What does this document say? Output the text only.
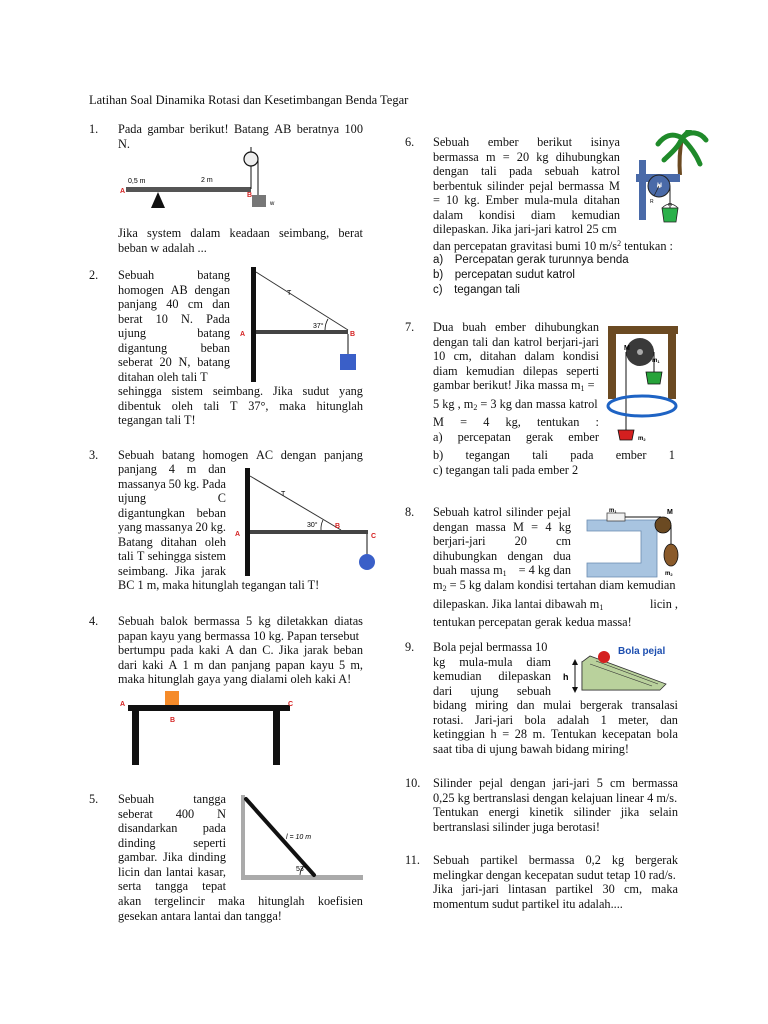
Latihan Soal Dinamika Rotasi dan Kesetimbangan Benda Tegar
1. Pada gambar berikut! Batang AB beratnya 100
N.
0,5 m	2 m
A
B
w
Jika system dalam keadaan seimbang, berat
beban w adalah ...
2. Sebuah	batang
homogen AB dengan
panjang 40 cm dan
berat 10 N. Pada
ujung	batang
digantung	beban
seberat 20 N, batang
ditahan oleh tali T
T
37°
A	B
sehingga sistem seimbang. Jika sudut yang
dibentuk oleh tali T 37°, maka hitunglah
tegangan tali T!
3. Sebuah batang homogen AC dengan panjang
panjang 4 m dan
massanya 50 kg. Pada
ujung	C
digantungkan beban
yang massanya 20 kg.
Batang ditahan oleh
tali T sehingga sistem
seimbang. Jika jarak
BC 1 m, maka hitunglah tegangan tali T!
T
30°
A
B
C
4. Sebuah balok bermassa 5 kg diletakkan diatas
papan kayu yang bermassa 10 kg. Papan tersebut
bertumpu pada kaki A dan C. Jika jarak beban
dari kaki A 1 m dan panjang papan kayu 5 m,
maka hitunglah gaya yang dialami oleh kaki A!
A
B
C
5. Sebuah	tangga
seberat 400 N
disandarkan pada
dinding	seperti
gambar. Jika dinding
licin dan lantai kasar,
serta tangga tepat
akan tergelincir maka hitunglah koefisien
gesekan antara lantai dan tangga!
l = 10 m
53°
6. Sebuah ember berikut isinya
bermassa m = 20 kg dihubungkan
dengan tali pada sebuah katrol
berbentuk silinder pejal bermassa M
= 10 kg. Ember mula-mula ditahan
dalam kondisi diam kemudian
dilepaskan. Jika jari-jari katrol 25 cm
dan percepatan gravitasi bumi 10 $m/s^2$ tentukan :
a) Percepatan gerak turunnya benda
b) percepatan sudut katrol
c) tegangan tali
M
R	m
7. Dua buah ember dihubungkan
dengan tali dan katrol berjari-jari
10 cm, ditahan dalam kondisi
diam kemudian dilepas seperti
gambar berikut! Jika massa $m_1$ =
5 kg , $m_2 = 3$ kg dan massa katrol
M = 4 kg, tentukan :
a) percepatan gerak ember
b) tegangan tali pada ember 1
c) tegangan tali pada ember 2
M
m1
m2
8. Sebuah katrol silinder pejal
dengan massa M = 4 kg
berjari-jari 20 cm
dihubungkan dengan dua
buah massa $m_1 = 4$ kg dan
$m_2 = 5$ kg dalam kondisi tertahan diam kemudian
dilepaskan. Jika lantai dibawah $m_1$	licin ,
tentukan percepatan gerak kedua massa!
m1	M
m2
9. Bola pejal bermassa 10
kg mula-mula diam
kemudian dilepaskan
dari ujung sebuah
bidang miring dan mulai bergerak transalasi
rotasi. Jari-jari bola adalah 1 meter, dan
ketinggian h = 28 m. Tentukan kecepatan bola
saat tiba di ujung bawah bidang miring!
h
Bola pejal
10. Silinder pejal dengan jari-jari 5 cm bermassa
0,25 kg bertranslasi dengan kelajuan linear 4 m/s.
Tentukan energi kinetik silinder jika selain
bertranslasi silinder juga berotasi!
11. Sebuah partikel bermassa 0,2 kg bergerak
melingkar dengan kecepatan sudut tetap 10 rad/s.
Jika jari-jari lintasan partikel 30 cm, maka
momentum sudut partikel itu adalah....
